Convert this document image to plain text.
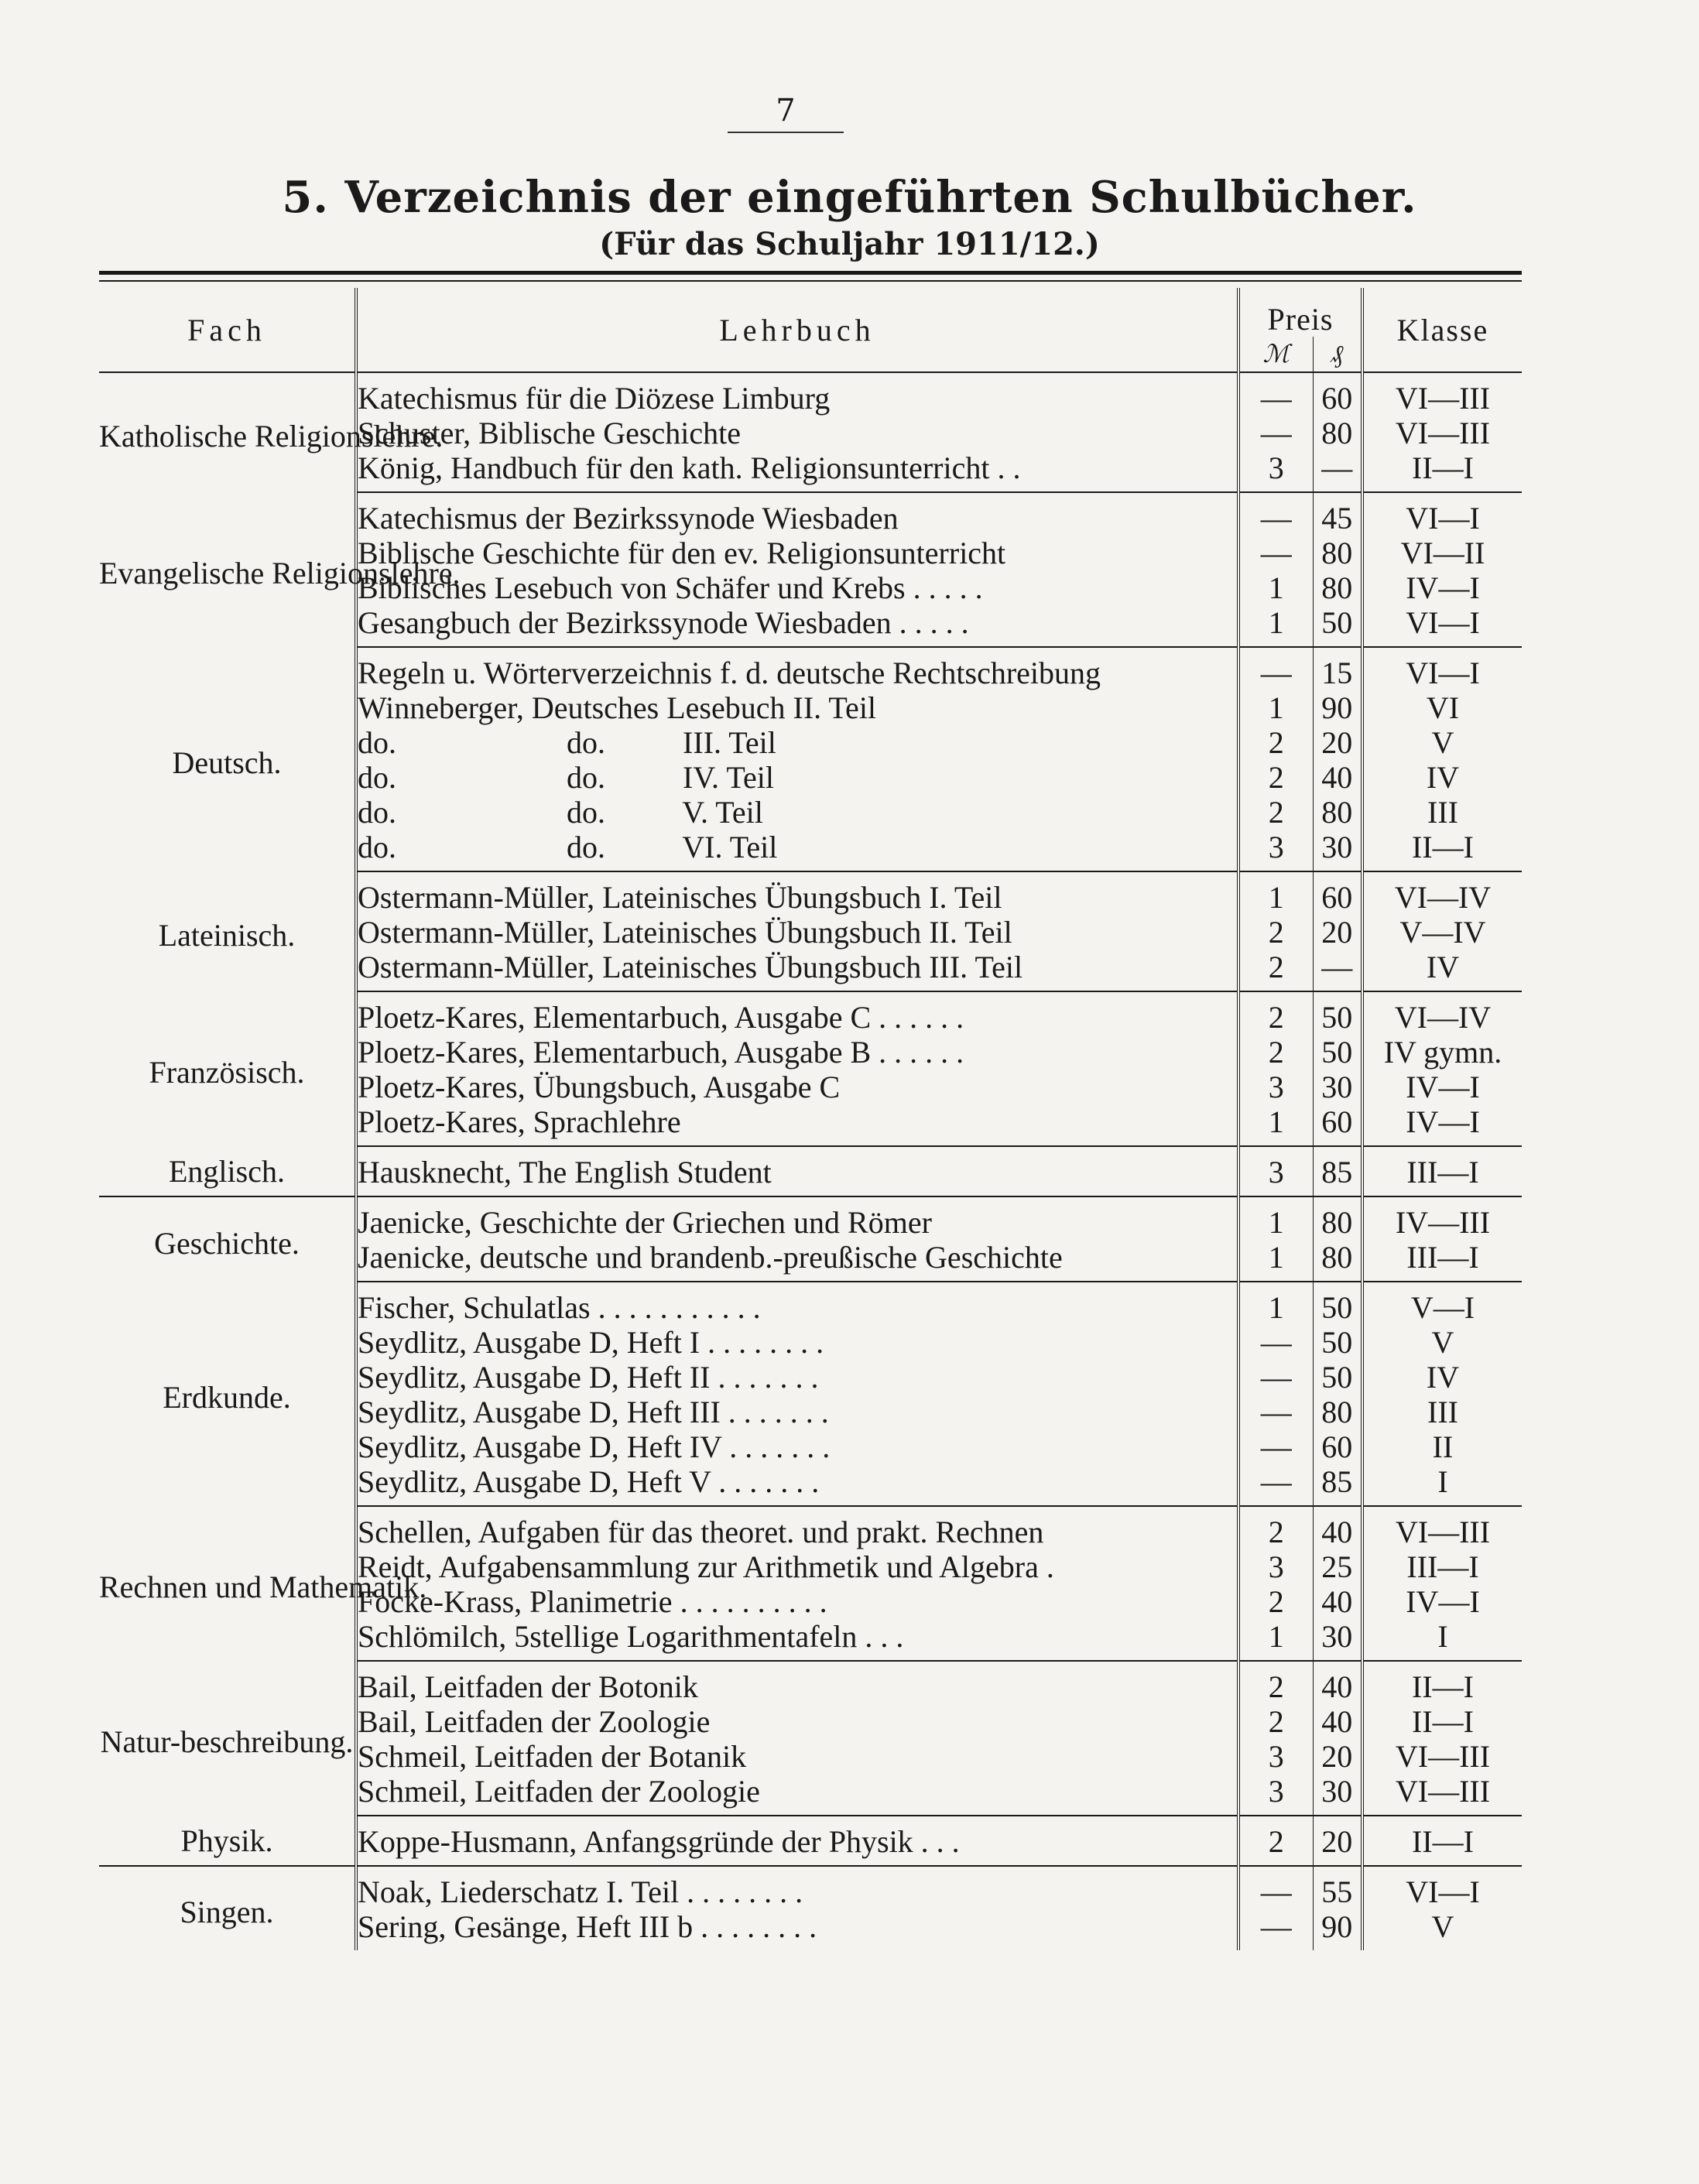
7
5. Verzeichnis der eingeführten Schulbücher.
(Für das Schuljahr 1911/12.)
Fach	Lehrbuch	Preis		Klasse
		ℳ	₰	
Katholische Religionslehre.	Katechismus für die Diözese Limburg	—	60	VI—III
	Schuster, Biblische Geschichte	—	80	VI—III
	König, Handbuch für den kath. Religionsunterricht . .	3	—	II—I
Evangelische Religionslehre.	Katechismus der Bezirkssynode Wiesbaden	—	45	VI—I
	Biblische Geschichte für den ev. Religionsunterricht	—	80	VI—II
	Biblisches Lesebuch von Schäfer und Krebs . . . . .	1	80	IV—I
	Gesangbuch der Bezirkssynode Wiesbaden . . . . .	1	50	VI—I
Deutsch.	Regeln u. Wörterverzeichnis f. d. deutsche Rechtschreibung	—	15	VI—I
	Winneberger, Deutsches Lesebuch II. Teil	1	90	VI
	do.                      do.          III. Teil	2	20	V
	do.                      do.          IV. Teil	2	40	IV
	do.                      do.          V. Teil	2	80	III
	do.                      do.          VI. Teil	3	30	II—I
Lateinisch.	Ostermann-Müller, Lateinisches Übungsbuch I. Teil	1	60	VI—IV
	Ostermann-Müller, Lateinisches Übungsbuch II. Teil	2	20	V—IV
	Ostermann-Müller, Lateinisches Übungsbuch III. Teil	2	—	IV
Französisch.	Ploetz-Kares, Elementarbuch, Ausgabe C . . . . . .	2	50	VI—IV
	Ploetz-Kares, Elementarbuch, Ausgabe B . . . . . .	2	50	IV gymn.
	Ploetz-Kares, Übungsbuch, Ausgabe C	3	30	IV—I
	Ploetz-Kares, Sprachlehre	1	60	IV—I
Englisch.	Hausknecht, The English Student	3	85	III—I
Geschichte.	Jaenicke, Geschichte der Griechen und Römer	1	80	IV—III
	Jaenicke, deutsche und brandenb.-preußische Geschichte	1	80	III—I
Erdkunde.	Fischer, Schulatlas . . . . . . . . . . .	1	50	V—I
	Seydlitz, Ausgabe D, Heft I . . . . . . . .	—	50	V
	Seydlitz, Ausgabe D, Heft II . . . . . . .	—	50	IV
	Seydlitz, Ausgabe D, Heft III . . . . . . .	—	80	III
	Seydlitz, Ausgabe D, Heft IV . . . . . . .	—	60	II
	Seydlitz, Ausgabe D, Heft V . . . . . . .	—	85	I
Rechnen und Mathematik.	Schellen, Aufgaben für das theoret. und prakt. Rechnen	2	40	VI—III
	Reidt, Aufgabensammlung zur Arithmetik und Algebra .	3	25	III—I
	Focke-Krass, Planimetrie . . . . . . . . . .	2	40	IV—I
	Schlömilch, 5stellige Logarithmentafeln . . .	1	30	I
Natur-beschreibung.	Bail, Leitfaden der Botonik	2	40	II—I
	Bail, Leitfaden der Zoologie	2	40	II—I
	Schmeil, Leitfaden der Botanik	3	20	VI—III
	Schmeil, Leitfaden der Zoologie	3	30	VI—III
Physik.	Koppe-Husmann, Anfangsgründe der Physik . . .	2	20	II—I
Singen.	Noak, Liederschatz I. Teil . . . . . . . .	—	55	VI—I
	Sering, Gesänge, Heft III b . . . . . . . .	—	90	V
